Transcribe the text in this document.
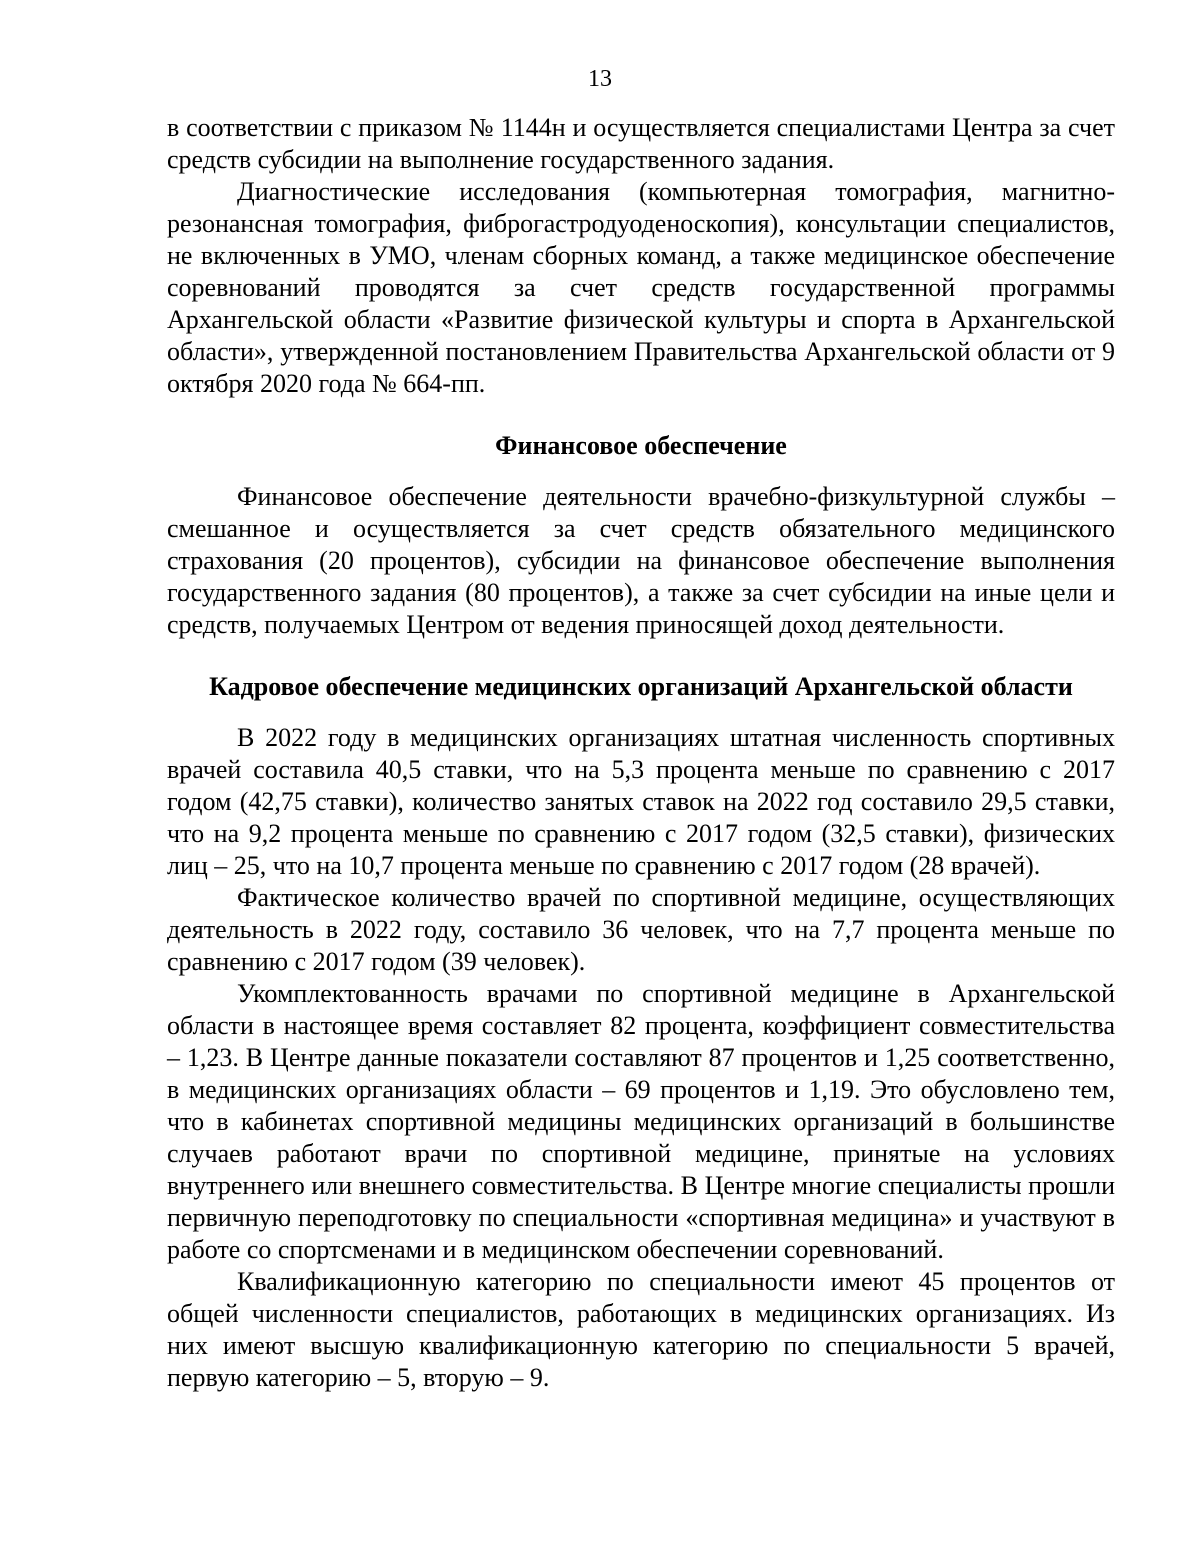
13

в соответствии с приказом № 1144н и осуществляется специалистами Центра за счет средств субсидии на выполнение государственного задания.

Диагностические исследования (компьютерная томография, магнитно-резонансная томография, фиброгастродуоденоскопия), консультации специалистов, не включенных в УМО, членам сборных команд, а также медицинское обеспечение соревнований проводятся за счет средств государственной программы Архангельской области «Развитие физической культуры и спорта в Архангельской области», утвержденной постановлением Правительства Архангельской области от 9 октября 2020 года № 664-пп.

Финансовое обеспечение

Финансовое обеспечение деятельности врачебно-физкультурной службы – смешанное и осуществляется за счет средств обязательного медицинского страхования (20 процентов), субсидии на финансовое обеспечение выполнения государственного задания (80 процентов), а также за счет субсидии на иные цели и средств, получаемых Центром от ведения приносящей доход деятельности.

Кадровое обеспечение медицинских организаций Архангельской области

В 2022 году в медицинских организациях штатная численность спортивных врачей составила 40,5 ставки, что на 5,3 процента меньше по сравнению с 2017 годом (42,75 ставки), количество занятых ставок на 2022 год составило 29,5 ставки, что на 9,2 процента меньше по сравнению с 2017 годом (32,5 ставки), физических лиц – 25, что на 10,7 процента меньше по сравнению с 2017 годом (28 врачей).

Фактическое количество врачей по спортивной медицине, осуществляющих деятельность в 2022 году, составило 36 человек, что на 7,7 процента меньше по сравнению с 2017 годом (39 человек).

Укомплектованность врачами по спортивной медицине в Архангельской области в настоящее время составляет 82 процента, коэффициент совместительства – 1,23. В Центре данные показатели составляют 87 процентов и 1,25 соответственно, в медицинских организациях области – 69 процентов и 1,19. Это обусловлено тем, что в кабинетах спортивной медицины медицинских организаций в большинстве случаев работают врачи по спортивной медицине, принятые на условиях внутреннего или внешнего совместительства. В Центре многие специалисты прошли первичную переподготовку по специальности «спортивная медицина» и участвуют в работе со спортсменами и в медицинском обеспечении соревнований.

Квалификационную категорию по специальности имеют 45 процентов от общей численности специалистов, работающих в медицинских организациях. Из них имеют высшую квалификационную категорию по специальности 5 врачей, первую категорию – 5, вторую – 9.
